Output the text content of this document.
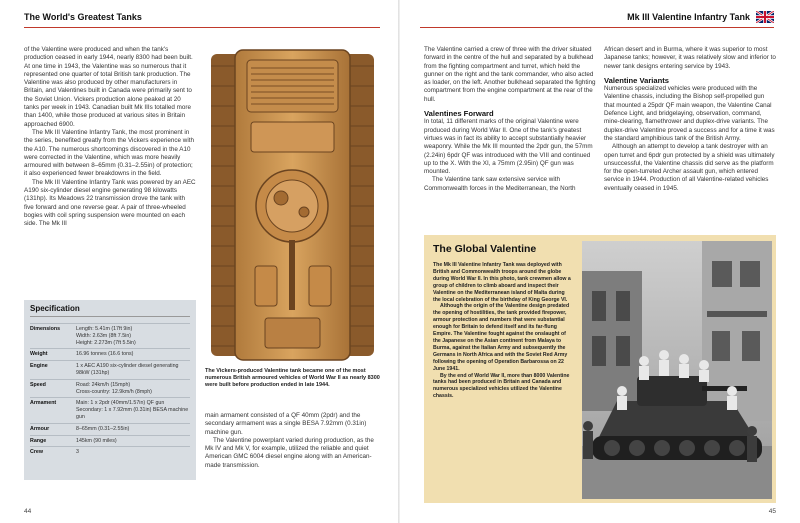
The World's Greatest Tanks

of the Valentine were produced and when the tank's production ceased in early 1944, nearly 8300 had been built. At one time in 1943, the Valentine was so numerous that it represented one quarter of total British tank production. The Valentine was also produced by other manufacturers in Britain, and Valentines built in Canada were primarily sent to the Soviet Union. Vickers production alone peaked at 20 tanks per week in 1943. Canadian built Mk IIIs totalled more than 1400, while those produced at various sites in Britain approached 6900.

The Mk III Valentine Infantry Tank, the most prominent in the series, benefited greatly from the Vickers experience with the A10. The numerous shortcomings discovered in the A10 were corrected in the Valentine, which was more heavily armoured with between 8–65mm (0.31–2.55in) of protection; it also experienced fewer breakdowns in the field.

The Mk III Valentine Infantry Tank was powered by an AEC A190 six-cylinder diesel engine generating 98 kilowatts (131hp). Its Meadows 22 transmission drove the tank with five forward and one reverse gear. A pair of three-wheeled bogies with coil spring suspension were mounted on each side. The Mk III

The Vickers-produced Valentine tank became one of the most numerous British armoured vehicles of World War II as nearly 8300 were built before production ended in late 1944.

main armament consisted of a QF 40mm (2pdr) and the secondary armament was a single BESA 7.92mm (0.31in) machine gun.

The Valentine powerplant varied during production, as the Mk IV and Mk V, for example, utilized the reliable and quiet American GMC 6004 diesel engine along with an American-made transmission.

Specification
Dimensions	Length: 5.41m (17ft 9in)
Width: 2.63m (8ft 7.5in)
Height: 2.273m (7ft 5.5in)
Weight	16.96 tonnes (16.6 tons)
Engine	1 x AEC A190 six-cylinder diesel generating 98kW (131hp)
Speed	Road: 24km/h (15mph)
Cross-country: 12.9km/h (8mph)
Armament	Main: 1 x 2pdr (40mm/1.57in) QF gun
Secondary: 1 x 7.92mm (0.31in) BESA machine gun
Armour	8–65mm (0.31–2.55in)
Range	145km (90 miles)
Crew	3
44
Mk III Valentine Infantry Tank

The Valentine carried a crew of three with the driver situated forward in the centre of the hull and separated by a bulkhead from the fighting compartment and turret, which held the gunner on the right and the tank commander, who also acted as loader, on the left. Another bulkhead separated the fighting compartment from the engine compartment at the rear of the hull.

Valentines Forward

In total, 11 different marks of the original Valentine were produced during World War II. One of the tank's greatest virtues was in fact its ability to accept substantially heavier weaponry. While the Mk III mounted the 2pdr gun, the 57mm (2.24in) 6pdr QF was introduced with the VIII and continued up to the X. With the XI, a 75mm (2.95in) QF gun was mounted.

The Valentine tank saw extensive service with Commonwealth forces in the Mediterranean, the North

African desert and in Burma, where it was superior to most Japanese tanks; however, it was relatively slow and inferior to newer tank designs entering service by 1943.

Valentine Variants

Numerous specialized vehicles were produced with the Valentine chassis, including the Bishop self-propelled gun that mounted a 25pdr QF main weapon, the Valentine Canal Defence Light, and bridgelaying, observation, command, mine-clearing, flamethrower and duplex-drive variants. The duplex-drive Valentine proved a success and for a time it was the standard amphibious tank of the British Army.

Although an attempt to develop a tank destroyer with an open turret and 6pdr gun protected by a shield was ultimately unsuccessful, the Valentine chassis did serve as the platform for the open-turreted Archer assault gun, which entered service in 1944. Production of all Valentine-related vehicles eventually ceased in 1945.

The Global Valentine

The Mk III Valentine Infantry Tank was deployed with British and Commonwealth troops around the globe during World War II. In this photo, tank crewmen allow a group of children to climb aboard and inspect their Valentine on the Mediterranean island of Malta during the local celebration of the birthday of King George VI.

Although the origin of the Valentine design predated the opening of hostilities, the tank provided firepower, armour protection and numbers that were substantial enough for Britain to defend itself and its far-flung Empire. The Valentine fought against the onslaught of the Japanese on the Asian continent from Malaya to Burma, against the Italian Army and subsequently the Germans in North Africa and with the Soviet Red Army following the opening of Operation Barbarossa on 22 June 1941.

By the end of World War II, more than 8000 Valentine tanks had been produced in Britain and Canada and numerous specialized vehicles utilized the Valentine chassis.

45
